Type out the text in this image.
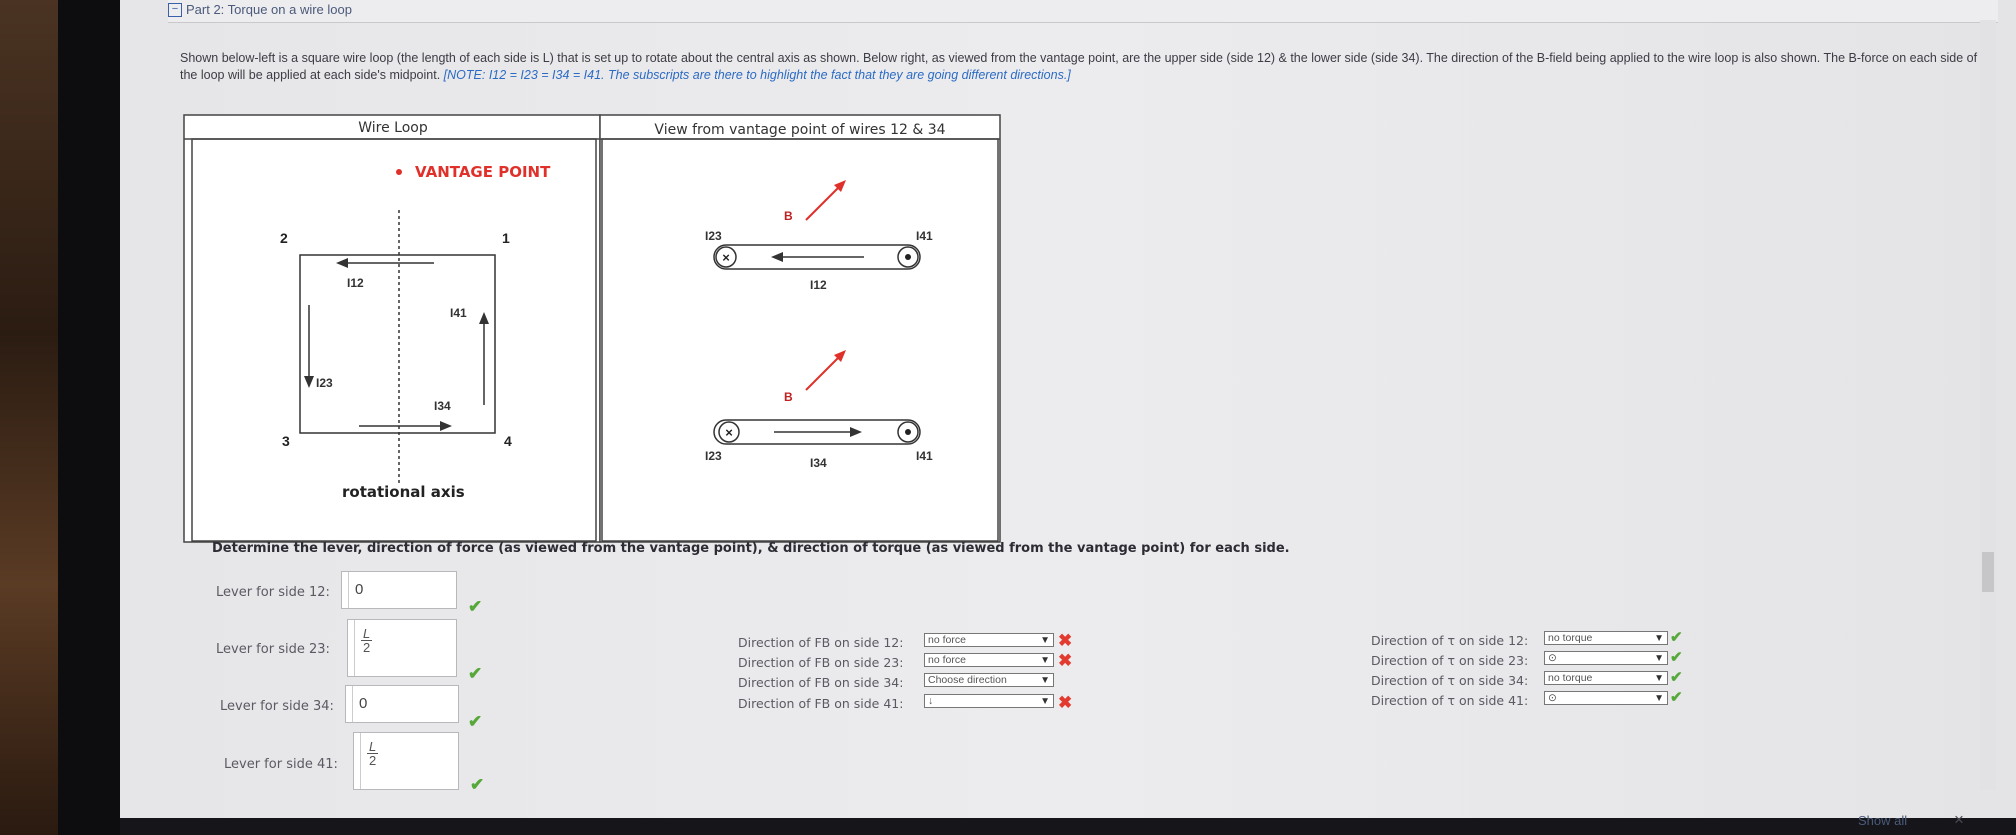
− Part 2: Torque on a wire loop
Shown below-left is a square wire loop (the length of each side is L) that is set up to rotate about the central axis as shown. Below right, as viewed from the vantage point, are the upper side (side 12) & the lower side (side 34). The direction of the B-field being applied to the wire loop is also shown. The B-force on each side of the loop will be applied at each side's midpoint. [NOTE: I12 = I23 = I34 = I41. The subscripts are there to highlight the fact that they are going different directions.]
Wire Loop	View from vantage point of wires 12 & 34
VANTAGE POINT
2	1
3	4
I12
I23
I41
I34
rotational axis
B
×
I23	I41
I12
B
×
I23	I41
I34
Determine the lever, direction of force (as viewed from the vantage point), & direction of torque (as viewed from the vantage point) for each side.
Lever for side 12:	0
✔
Lever for side 23: $\frac{L}{2}$
✔
Lever for side 34:	0
✔
Lever for side 41: $\frac{L}{2}$
✔
Direction of FB on side 12:	no force	▼ ✖
Direction of FB on side 23:	no force	▼ ✖
Direction of FB on side 34:	Choose direction	▼
Direction of FB on side 41:	↓	▼ ✖
Direction of τ on side 12:	no torque	▼ ✔
Direction of τ on side 23:	⊙	▼ ✔
Direction of τ on side 34:	no torque	▼ ✔
Direction of τ on side 41:	⊙	▼ ✔
Show all	×
